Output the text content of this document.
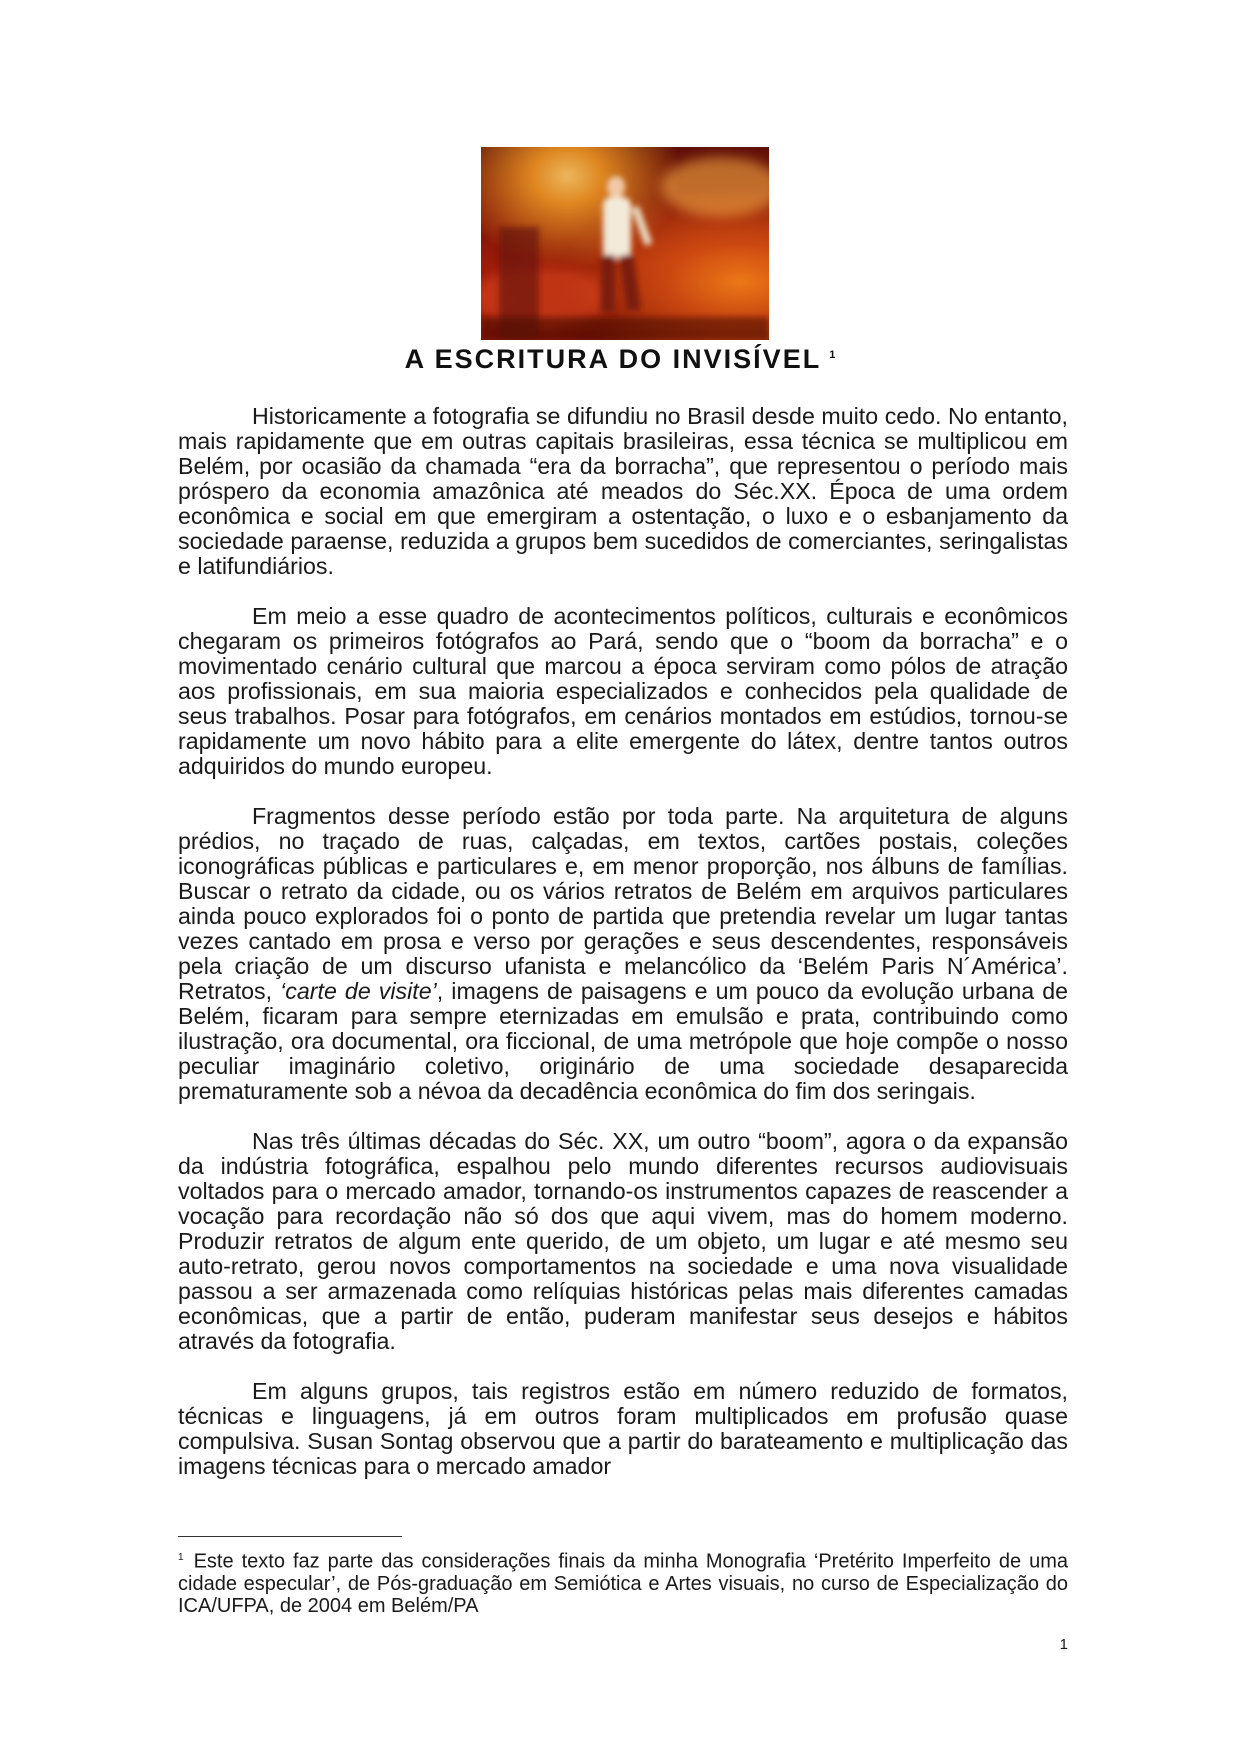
A ESCRITURA DO INVISÍVEL $^1$

Historicamente a fotografia se difundiu no Brasil desde muito cedo. No entanto, mais rapidamente que em outras capitais brasileiras, essa técnica se multiplicou em Belém, por ocasião da chamada “era da borracha”, que representou o período mais próspero da economia amazônica até meados do Séc.XX. Época de uma ordem econômica e social em que emergiram a ostentação, o luxo e o esbanjamento da sociedade paraense, reduzida a grupos bem sucedidos de comerciantes, seringalistas e latifundiários.

Em meio a esse quadro de acontecimentos políticos, culturais e econômicos chegaram os primeiros fotógrafos ao Pará, sendo que o “boom da borracha” e o movimentado cenário cultural que marcou a época serviram como pólos de atração aos profissionais, em sua maioria especializados e conhecidos pela qualidade de seus trabalhos. Posar para fotógrafos, em cenários montados em estúdios, tornou-se rapidamente um novo hábito para a elite emergente do látex, dentre tantos outros adquiridos do mundo europeu.

Fragmentos desse período estão por toda parte. Na arquitetura de alguns prédios, no traçado de ruas, calçadas, em textos, cartões postais, coleções iconográficas públicas e particulares e, em menor proporção, nos álbuns de famílias. Buscar o retrato da cidade, ou os vários retratos de Belém em arquivos particulares ainda pouco explorados foi o ponto de partida que pretendia revelar um lugar tantas vezes cantado em prosa e verso por gerações e seus descendentes, responsáveis pela criação de um discurso ufanista e melancólico da ‘Belém Paris N´América’. Retratos, ‘carte de visite’, imagens de paisagens e um pouco da evolução urbana de Belém, ficaram para sempre eternizadas em emulsão e prata, contribuindo como ilustração, ora documental, ora ficcional, de uma metrópole que hoje compõe o nosso peculiar imaginário coletivo, originário de uma sociedade desaparecida prematuramente sob a névoa da decadência econômica do fim dos seringais.

Nas três últimas décadas do Séc. XX, um outro “boom”, agora o da expansão da indústria fotográfica, espalhou pelo mundo diferentes recursos audiovisuais voltados para o mercado amador, tornando-os instrumentos capazes de reascender a vocação para recordação não só dos que aqui vivem, mas do homem moderno. Produzir retratos de algum ente querido, de um objeto, um lugar e até mesmo seu auto-retrato, gerou novos comportamentos na sociedade e uma nova visualidade passou a ser armazenada como relíquias históricas pelas mais diferentes camadas econômicas, que a partir de então, puderam manifestar seus desejos e hábitos através da fotografia.

Em alguns grupos, tais registros estão em número reduzido de formatos, técnicas e linguagens, já em outros foram multiplicados em profusão quase compulsiva. Susan Sontag observou que a partir do barateamento e multiplicação das imagens técnicas para o mercado amador

$^1$ Este texto faz parte das considerações finais da minha Monografia ‘Pretérito Imperfeito de uma cidade especular’, de Pós-graduação em Semiótica e Artes visuais, no curso de Especialização do ICA/UFPA, de 2004 em Belém/PA
1
